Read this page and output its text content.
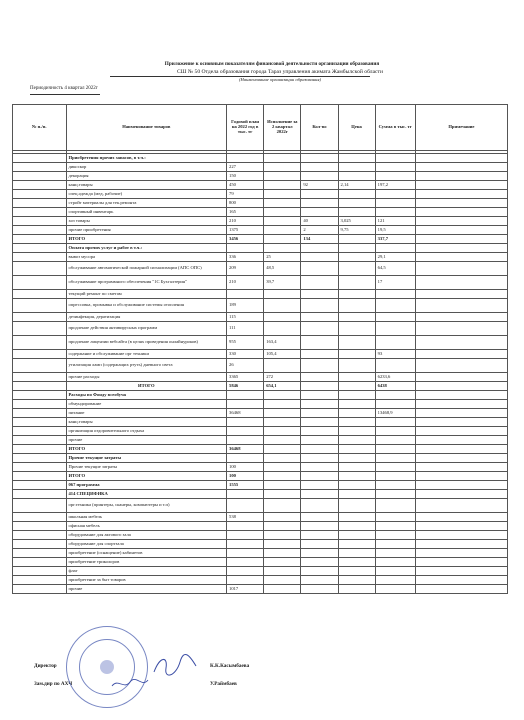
Приложение к основным показателям финансовой деятельности организации образования
СШ № 50 Отдела образования города Тараз управления акимата Жамбылской области
(Наименование организации образования)
Периодичность 4 квартал 2022г
№ п./п.	Наименование товаров	Годовой план на 2022 год в тыс. тг	Исполнение за 2 квартал 2022г	Кол-во	Цена	Сумма в тыс. тг	Примечание

	Приобретения прочих запасов, в т.ч.:						
	дикоскор	227					
	декорация	150					
	канц.товары	450		92	2,14	197,2	
	спец.одежда (мед, рабочие)	79					
	стройт материалы для тек.ремонта	800					
	спортивный инвентарь	165					
	хоз товары	210		40	3,025	121	
	прочие приобретения	1375		2	9,75	19,5	
	ИТОГО	3456		134		337,7	
	Оплата прочих услуг и работ в т.ч.:						
	вывоз мусора	336	25			29,1	
	обслуживание автоматической пожарной сигнализации (АПС ОПС)	209	48,5			64,5	
	обслуживание программного обеспечения "1С Бухгалтерия"	210	39,7			17	
	текущий ремонт по сметам						
	опрессовка, промывка и обслуживание системы отопления	189					
	дезинфекция, дератизация	115					
	продление действия антивирусных программ	111					
	продление лицензии вебсайта (в целях проведения онлайнуроков)	955	163,4				
	содержание и обслуживание орг техники	330	105,4			93	
	утилизация ламп (содержащих ртуть) дневного света	26					
	прочие расходы	3365	272			6233,6	
	ИТОГО	5846	654,1			6438	
	Расходы по Фонду всеобуча						
	обмундирование						
	питание	36468				13468,9	
	канц.товары						
	организация оздоровительного отдыха						
	прочие						
	ИТОГО	36468					
	Прочие текущие затраты						
	Прочие текущие затраты	100					
	ИТОГО	100					
	067 программа	1555					
	414 СПЕЦИФИКА						
	орг.техника (принтеры, сканеры, компьютеры и т.п)						
	школьная мебель	538					
	офисная мебель						
	оборудование для актового зала						
	оборудование для спортзала						
	приобретение (оснащение) кабинетов						
	приобретение триколоров						
	флаг						
	приобретение за быт товаров						
	прочие	1017					
Директор	К.К.Касымбаева
Зам.дир по АХЧ	У.Раймбаев
